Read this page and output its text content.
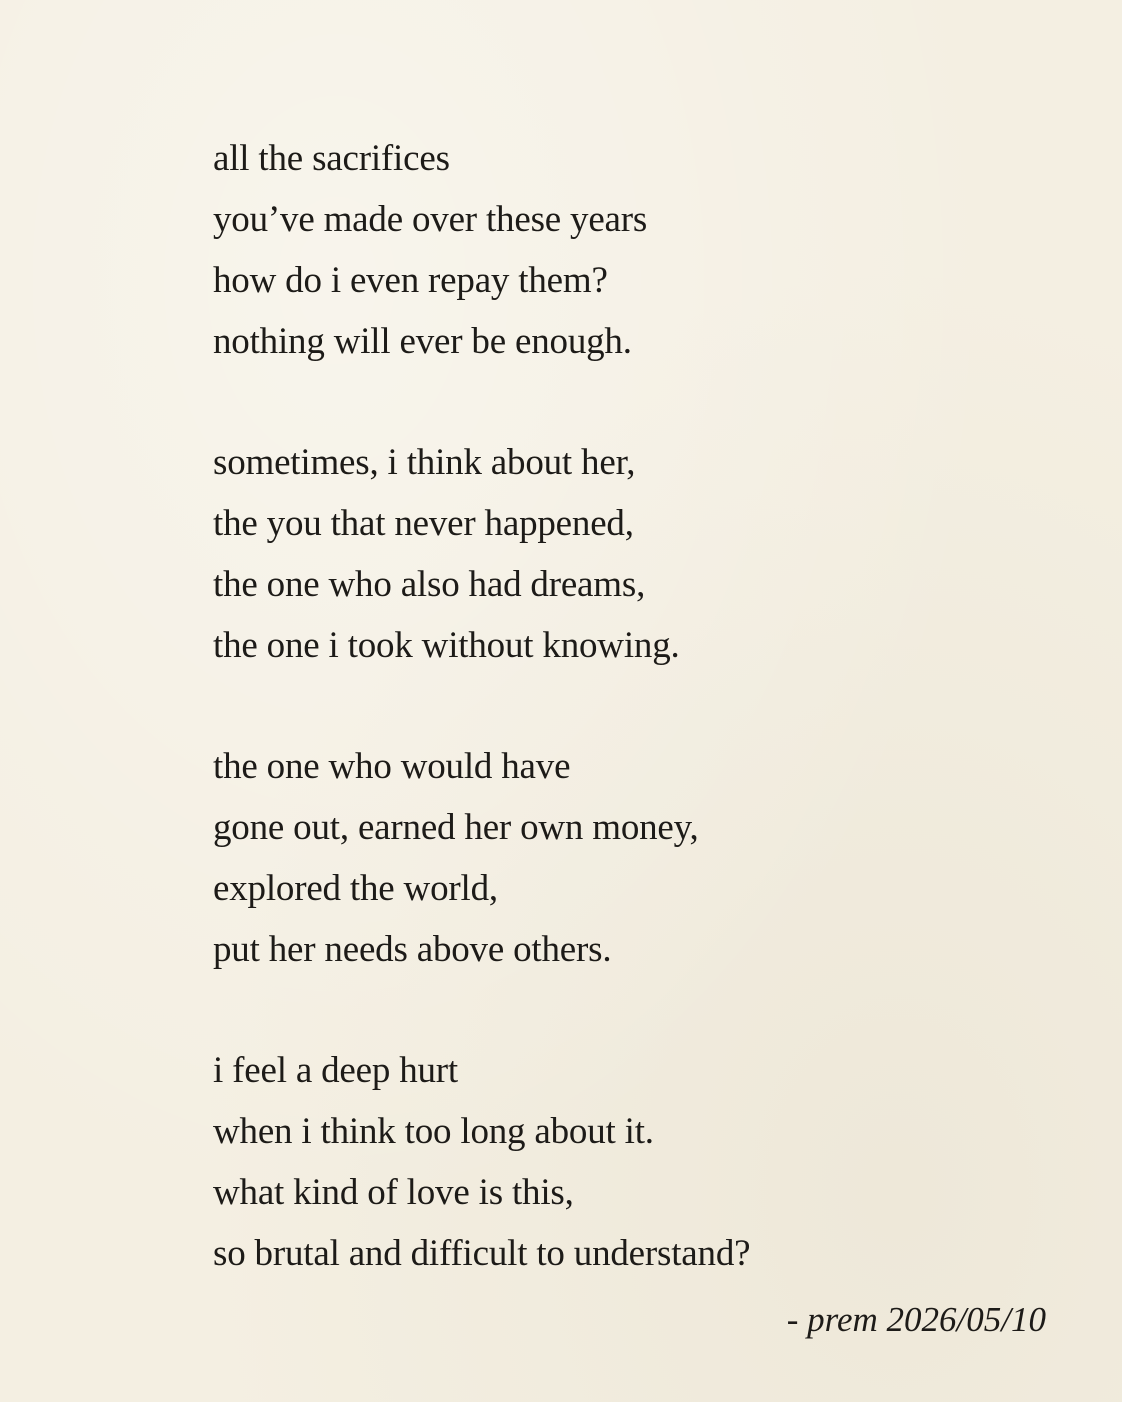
all the sacrifices
you’ve made over these years
how do i even repay them?
nothing will ever be enough.
sometimes, i think about her,
the you that never happened,
the one who also had dreams,
the one i took without knowing.
the one who would have
gone out, earned her own money,
explored the world,
put her needs above others.
i feel a deep hurt
when i think too long about it.
what kind of love is this,
so brutal and difficult to understand?
- prem 2026/05/10
